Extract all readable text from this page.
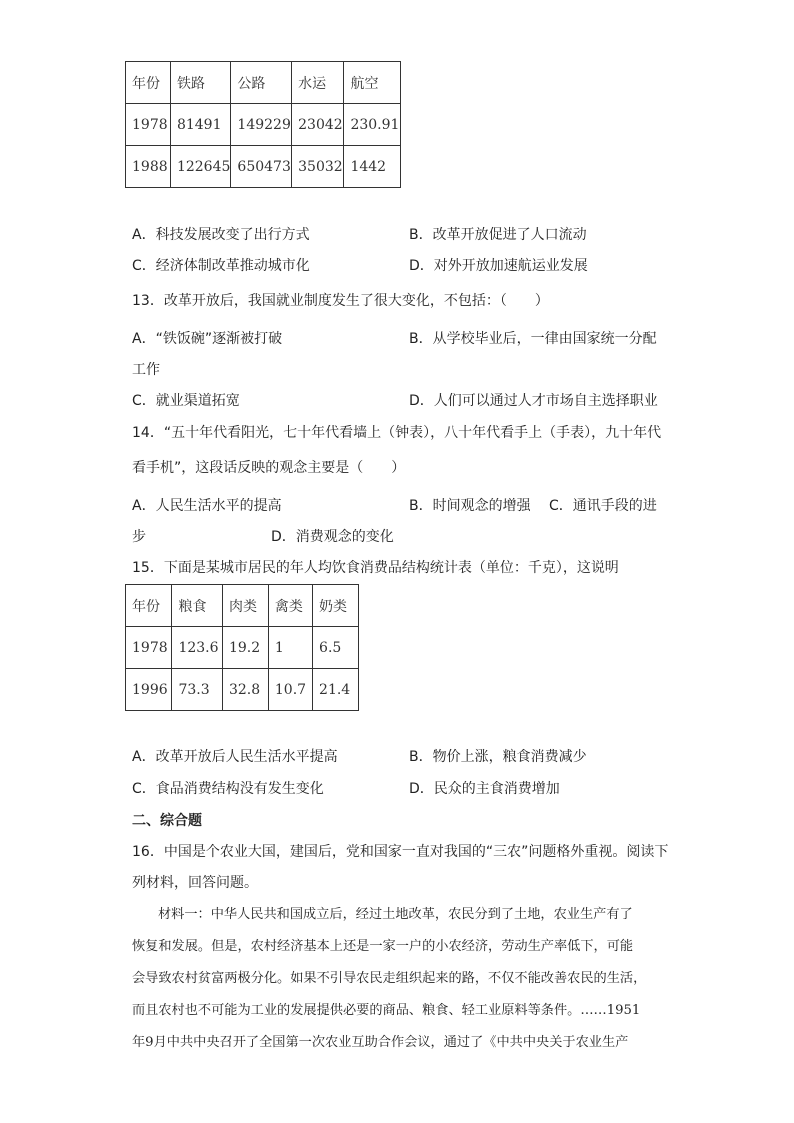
年份	铁路	公路	水运	航空
1978	81491	149229	23042	230.91
1988	122645	650473	35032	1442
A．科技发展改变了出行方式	B．改革开放促进了人口流动
C．经济体制改革推动城市化	D．对外开放加速航运业发展
13．改革开放后，我国就业制度发生了很大变化，不包括：（　　）
A．“铁饭碗”逐渐被打破	B．从学校毕业后，一律由国家统一分配
工作
C．就业渠道拓宽	D．人们可以通过人才市场自主选择职业
14．“五十年代看阳光，七十年代看墙上（钟表），八十年代看手上（手表），九十年代
看手机”，这段话反映的观念主要是（　　）
A．人民生活水平的提高	B．时间观念的增强 C．通讯手段的进
步	D．消费观念的变化
15．下面是某城市居民的年人均饮食消费品结构统计表（单位：千克），这说明
年份	粮食	肉类	禽类	奶类
1978	123.6	19.2	1	6.5
1996	73.3	32.8	10.7	21.4
A．改革开放后人民生活水平提高	B．物价上涨，粮食消费减少
C．食品消费结构没有发生变化	D．民众的主食消费增加
二、综合题
16．中国是个农业大国，建国后，党和国家一直对我国的“三农”问题格外重视。阅读下
列材料，回答问题。
材料一：中华人民共和国成立后，经过土地改革，农民分到了土地，农业生产有了
恢复和发展。但是，农村经济基本上还是一家一户的小农经济，劳动生产率低下，可能
会导致农村贫富两极分化。如果不引导农民走组织起来的路，不仅不能改善农民的生活，
而且农村也不可能为工业的发展提供必要的商品、粮食、轻工业原料等条件。……1951
年9月中共中央召开了全国第一次农业互助合作会议，通过了《中共中央关于农业生产
